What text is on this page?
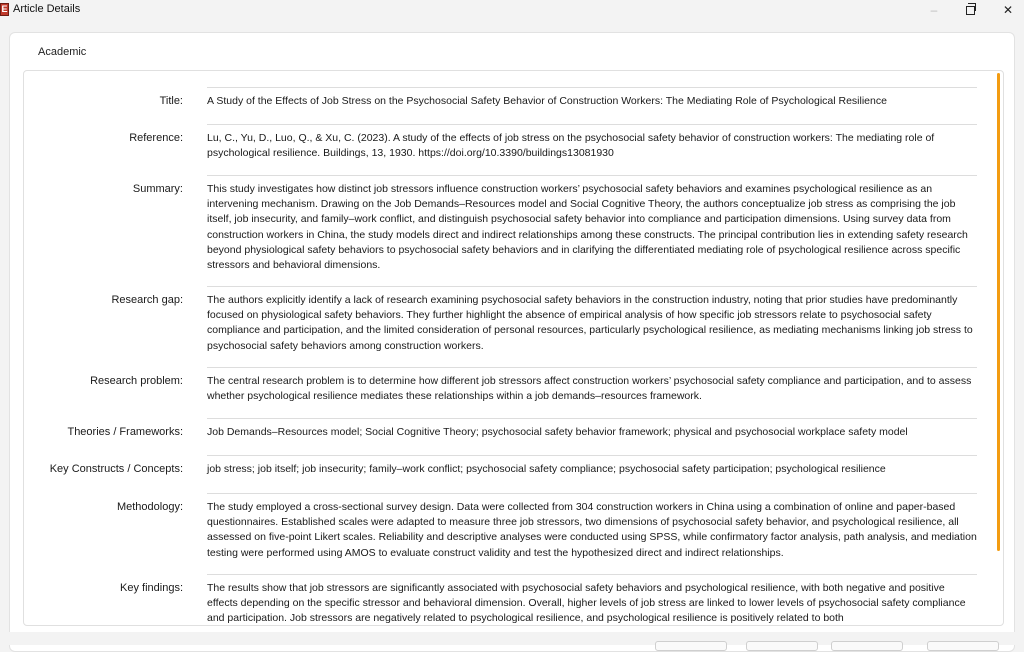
E Article Details	–	✕
Academic
Title: A Study of the Effects of Job Stress on the Psychosocial Safety Behavior of Construction Workers: The Mediating Role of Psychological Resilience
Reference: Lu, C., Yu, D., Luo, Q., & Xu, C. (2023). A study of the effects of job stress on the psychosocial safety behavior of construction workers: The mediating role of psychological resilience. Buildings, 13, 1930. https://doi.org/10.3390/buildings13081930
Summary: This study investigates how distinct job stressors influence construction workers’ psychosocial safety behaviors and examines psychological resilience as an intervening mechanism. Drawing on the Job Demands–Resources model and Social Cognitive Theory, the authors conceptualize job stress as comprising the job itself, job insecurity, and family–work conflict, and distinguish psychosocial safety behavior into compliance and participation dimensions. Using survey data from construction workers in China, the study models direct and indirect relationships among these constructs. The principal contribution lies in extending safety research beyond physiological safety behaviors to psychosocial safety behaviors and in clarifying the differentiated mediating role of psychological resilience across specific stressors and behavioral dimensions.
Research gap: The authors explicitly identify a lack of research examining psychosocial safety behaviors in the construction industry, noting that prior studies have predominantly focused on physiological safety behaviors. They further highlight the absence of empirical analysis of how specific job stressors relate to psychosocial safety compliance and participation, and the limited consideration of personal resources, particularly psychological resilience, as mediating mechanisms linking job stress to psychosocial safety behaviors among construction workers.
Research problem: The central research problem is to determine how different job stressors affect construction workers’ psychosocial safety compliance and participation, and to assess whether psychological resilience mediates these relationships within a job demands–resources framework.
Theories / Frameworks: Job Demands–Resources model; Social Cognitive Theory; psychosocial safety behavior framework; physical and psychosocial workplace safety model
Key Constructs / Concepts: job stress; job itself; job insecurity; family–work conflict; psychosocial safety compliance; psychosocial safety participation; psychological resilience
Methodology: The study employed a cross-sectional survey design. Data were collected from 304 construction workers in China using a combination of online and paper-based questionnaires. Established scales were adapted to measure three job stressors, two dimensions of psychosocial safety behavior, and psychological resilience, all assessed on five-point Likert scales. Reliability and descriptive analyses were conducted using SPSS, while confirmatory factor analysis, path analysis, and mediation testing were performed using AMOS to evaluate construct validity and test the hypothesized direct and indirect relationships.
Key findings: The results show that job stressors are significantly associated with psychosocial safety behaviors and psychological resilience, with both negative and positive effects depending on the specific stressor and behavioral dimension. Overall, higher levels of job stress are linked to lower levels of psychosocial safety compliance and participation. Job stressors are negatively related to psychological resilience, and psychological resilience is positively related to both
